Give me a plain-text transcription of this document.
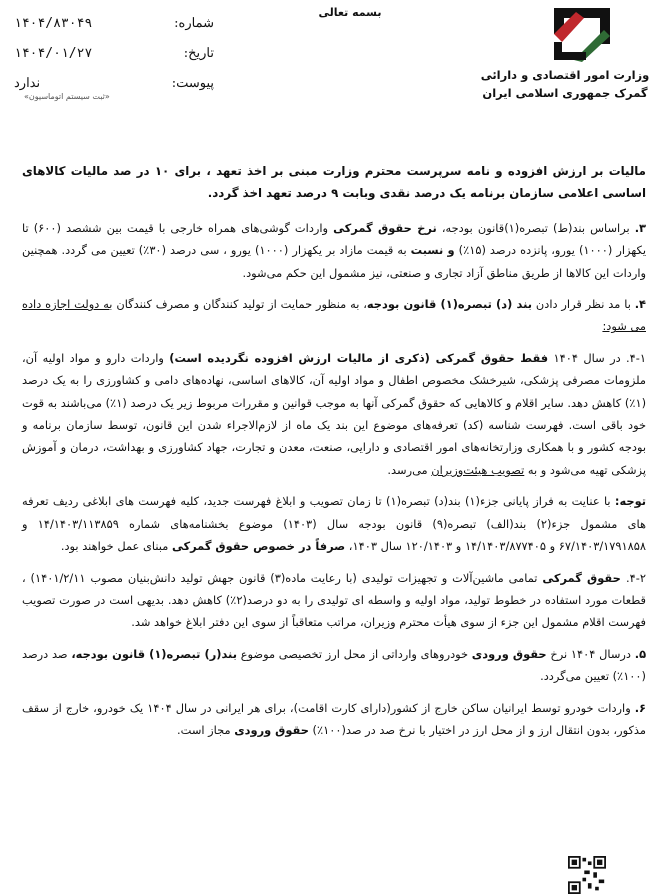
وزارت امور اقتصادی و دارائی
گمرک جمهوری اسلامی ایران
بسمه تعالی
شماره:
۱۴۰۴/۸۳۰۴۹
تاریخ:
۱۴۰۴/۰۱/۲۷
پیوست:
ندارد
«ثبت سیستم اتوماسیون»

مالیات بر ارزش افزوده و نامه سرپرست محترم وزارت مبنی بر اخذ تعهد ، برای ۱۰ در صد مالیات کالاهای اساسی اعلامی سازمان برنامه یک درصد نقدی وبابت ۹ درصد تعهد اخذ گردد.

۳. براساس بند(ط) تبصره(۱)قانون بودجه، نرخ حقوق گمرکی واردات گوشی‌های همراه خارجی با قیمت بین ششصد (۶۰۰) تا یکهزار (۱۰۰۰) یورو، پانزده درصد (۱۵٪) و نسبت به قیمت مازاد بر یکهزار (۱۰۰۰) یورو ، سی درصد (۳۰٪) تعیین می گردد. همچنین واردات این کالاها از طریق مناطق آزاد تجاری و صنعتی، نیز مشمول این حکم می‌شود.

۴. با مد نظر قرار دادن بند (د) تبصره(۱) قانون بودجه، به منظور حمایت از تولید کنندگان و مصرف کنندگان به دولت اجازه داده می شود:

۴-۱. در سال ۱۴۰۴ فقط حقوق گمرکی (ذکری از مالیات ارزش افزوده نگردیده است) واردات دارو و مواد اولیه آن، ملزومات مصرفی پزشکی، شیرخشک مخصوص اطفال و مواد اولیه آن، کالاهای اساسی، نهاده‌های دامی و کشاورزی را به یک درصد (۱٪) کاهش دهد. سایر اقلام و کالاهایی که حقوق گمرکی آنها به موجب قوانین و مقررات مربوط زیر یک درصد (۱٪) می‌باشند به قوت خود باقی است. فهرست شناسه (کد) تعرفه‌های موضوع این بند یک ماه از لازم‌الاجراء شدن این قانون، توسط سازمان برنامه و بودجه کشور و با همکاری وزارتخانه‌های امور اقتصادی و دارایی، صنعت، معدن و تجارت، جهاد کشاورزی و بهداشت، درمان و آموزش پزشکی تهیه می‌شود و به تصویب هیئت‌وزیران می‌رسد.

توجه: با عنایت به فراز پایانی جزء(۱) بند(د) تبصره(۱) تا زمان تصویب و ابلاغ فهرست جدید، کلیه فهرست های ابلاغی ردیف تعرفه های مشمول جزء(۲) بند(الف) تبصره(۹) قانون بودجه سال (۱۴۰۳) موضوع بخشنامه‌های شماره ۱۴/۱۴۰۳/۱۱۳۸۵۹ و ۶۷/۱۴۰۳/۱۷۹۱۸۵۸ و ۱۴/۱۴۰۳/۸۷۷۴۰۵ و ۱۲۰/۱۴۰۳ سال ۱۴۰۳، صرفاً در خصوص حقوق گمرکی مبنای عمل خواهند بود.

۴-۲. حقوق گمرکی تمامی ماشین‌آلات و تجهیزات تولیدی (با رعایت ماده(۳) قانون جهش تولید دانش‌بنیان مصوب ۱۴۰۱/۲/۱۱) ، قطعات مورد استفاده در خطوط تولید، مواد اولیه و واسطه ای تولیدی را به دو درصد(۲٪) کاهش دهد. بدیهی است در صورت تصویب فهرست اقلام مشمول این جزء از سوی هیأت محترم وزیران، مراتب متعاقباً از سوی این دفتر ابلاغ خواهد شد.

۵. درسال ۱۴۰۴ نرخ حقوق ورودی خودروهای وارداتی از محل ارز تخصیصی موضوع بند(ر) تبصره(۱) قانون بودجه، صد درصد (۱۰۰٪) تعیین می‌گردد.

۶. واردات خودرو توسط ایرانیان ساکن خارج از کشور(دارای کارت اقامت)، برای هر ایرانی در سال ۱۴۰۴ یک خودرو، خارج از سقف مذکور، بدون انتقال ارز و از محل ارز در اختیار با نرخ صد در صد(۱۰۰٪) حقوق ورودی مجاز است.
